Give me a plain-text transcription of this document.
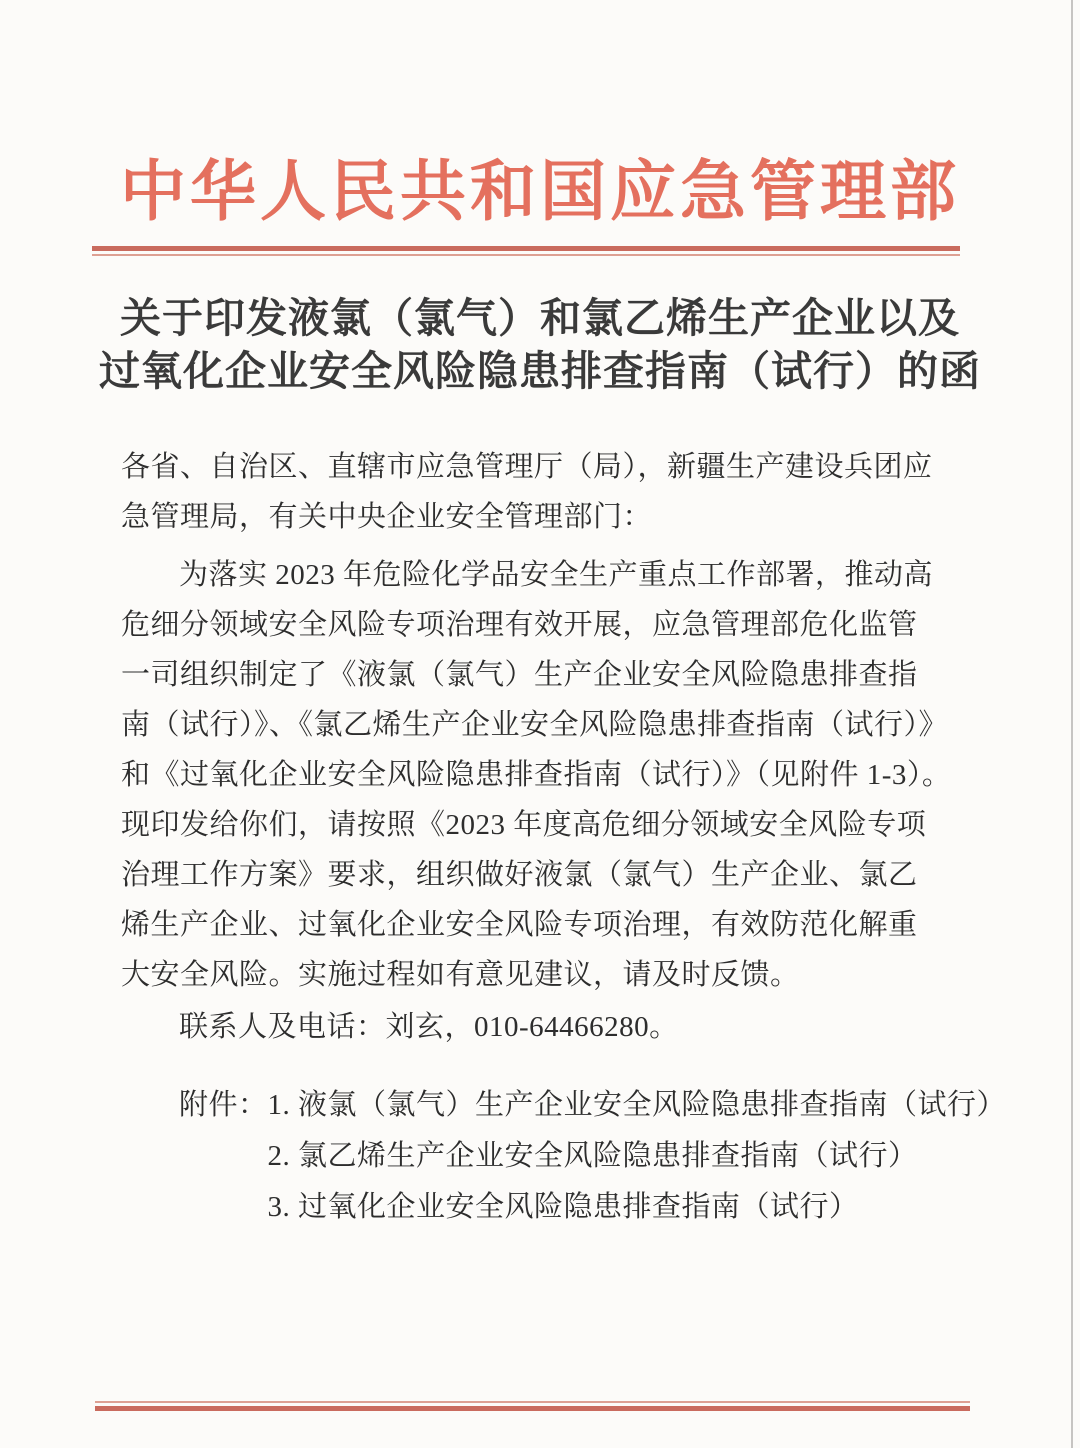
中华人民共和国应急管理部
关于印发液氯（氯气）和氯乙烯生产企业以及
过氧化企业安全风险隐患排查指南（试行）的函
各省、自治区、直辖市应急管理厅（局），新疆生产建设兵团应
急管理局，有关中央企业安全管理部门：
为落实 2023 年危险化学品安全生产重点工作部署，推动高
危细分领域安全风险专项治理有效开展，应急管理部危化监管
一司组织制定了《液氯（氯气）生产企业安全风险隐患排查指
南（试行）》、《氯乙烯生产企业安全风险隐患排查指南（试行）》
和《过氧化企业安全风险隐患排查指南（试行）》（见附件 1-3）。
现印发给你们，请按照《2023 年度高危细分领域安全风险专项
治理工作方案》要求，组织做好液氯（氯气）生产企业、氯乙
烯生产企业、过氧化企业安全风险专项治理，有效防范化解重
大安全风险。实施过程如有意见建议，请及时反馈。
联系人及电话：刘玄，010-64466280。
附件： 1. 液氯（氯气）生产企业安全风险隐患排查指南（试行）
2. 氯乙烯生产企业安全风险隐患排查指南（试行）
3. 过氧化企业安全风险隐患排查指南（试行）
